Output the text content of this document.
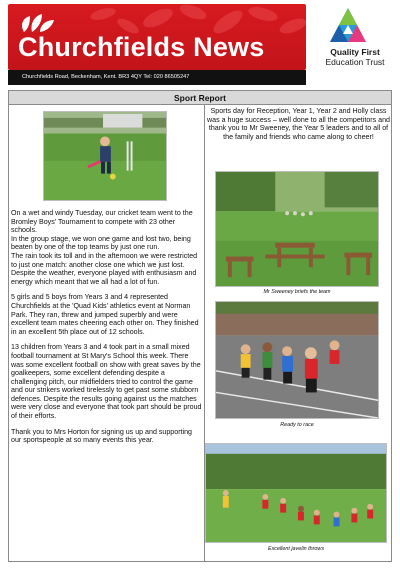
Churchfields News	Quality First
Education Trust
Churchfields Road, Beckenham, Kent. BR3 4QY Tel: 020 86505247
Sport Report

On a wet and windy Tuesday, our cricket team went to the Bromley Boys' Tournament to compete with 23 other schools.

In the group stage, we won one game and lost two, being beaten by one of the top teams by just one run.

The rain took its toll and in the afternoon we were restricted to just one match: another close one which we just lost.

Despite the weather, everyone played with enthusiasm and energy which meant that we all had a lot of fun.

5 girls and 5 boys from Years 3 and 4 represented Churchfields at the 'Quad Kids' athletics event at Norman Park. They ran, threw and jumped superbly and were excellent team mates cheering each other on. They finished in an excellent 5th place out of 12 schools.

13 children from Years 3 and 4 took part in a small mixed football tournament at St Mary's School this week. There was some excellent football on show with great saves by the goalkeepers, some excellent defending despite a challenging pitch, our midfielders tried to control the game and our strikers worked tirelessly to get past some stubborn defences. Despite the results going against us the matches were very close and everyone that took part should be proud of their efforts.

Thank you to Mrs Horton for signing us up and supporting our sportspeople at so many events this year.

Sports day for Reception, Year 1, Year 2 and Holly class was a huge success – well done to all the competitors and thank you to Mr Sweeney, the Year 5 leaders and to all of the family and friends who came along to cheer!

Mr Sweeney briefs the team
Ready to race
Excellent javelin throws
